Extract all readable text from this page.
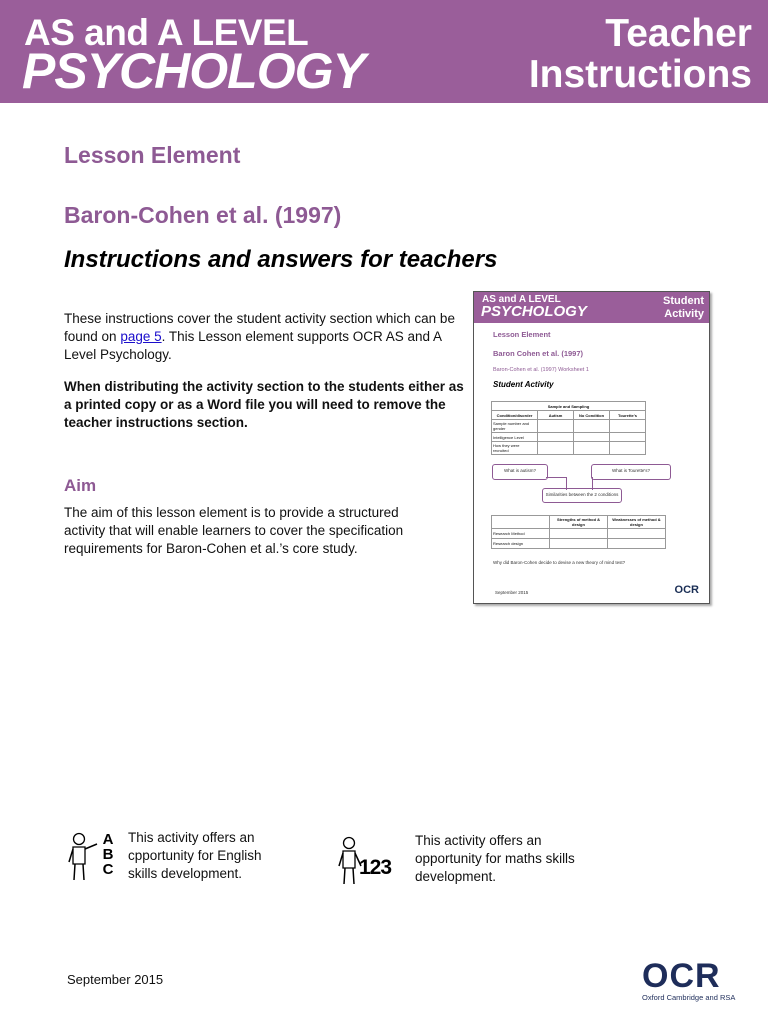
AS and A LEVEL
PSYCHOLOGY
Teacher
Instructions
Lesson Element
Baron-Cohen et al. (1997)
Instructions and answers for teachers

These instructions cover the student activity section which can be found on page 5. This Lesson element supports OCR AS and A Level Psychology.

When distributing the activity section to the students either as a printed copy or as a Word file you will need to remove the teacher instructions section.

Aim

The aim of this lesson element is to provide a structured activity that will enable learners to cover the specification requirements for Baron-Cohen et al.’s core study.

AS and A LEVEL
PSYCHOLOGY
Student
Activity
Lesson Element
Baron Cohen et al. (1997)
Baron-Cohen et al. (1997) Worksheet 1
Student Activity
Sample and Sampling			
Condition/disorder	Autism	No Condition	Tourette's
Sample number and gender			
Intelligence Level			
How they were recruited			
What is autism?	What is Tourette's?
Similarities between the 2 conditions
	Strengths of method & design	Weaknesses of method & design
Research Method		
Research design		
Why did Baron-Cohen decide to devise a new theory of mind test?
September 2015	OCR
A
B
C

This activity offers an cpportunity for English skills development.	123

This activity offers an opportunity for maths skills development.

September 2015	OCR
Oxford Cambridge and RSA
